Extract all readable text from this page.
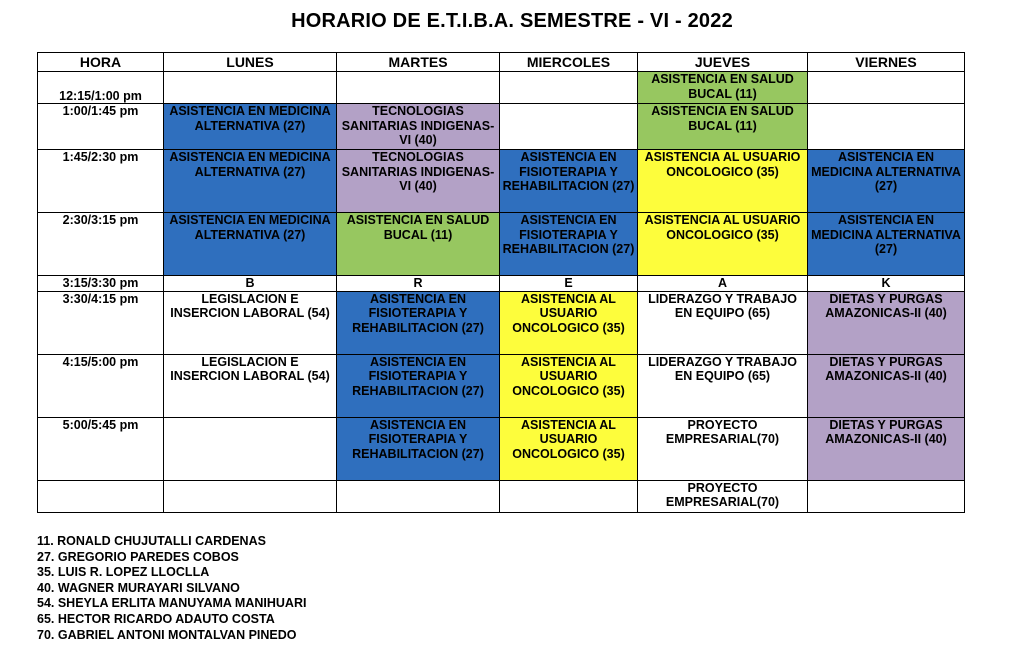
HORARIO DE E.T.I.B.A. SEMESTRE - VI - 2022
HORA	LUNES	MARTES	MIERCOLES	JUEVES	VIERNES
12:15/1:00 pm				ASISTENCIA EN SALUD BUCAL (11)	
1:00/1:45 pm	ASISTENCIA EN MEDICINA ALTERNATIVA (27)	TECNOLOGIAS SANITARIAS INDIGENAS-VI (40)		ASISTENCIA EN SALUD BUCAL (11)	
1:45/2:30 pm	ASISTENCIA EN MEDICINA ALTERNATIVA (27)	TECNOLOGIAS SANITARIAS INDIGENAS-VI (40)	ASISTENCIA EN FISIOTERAPIA Y REHABILITACION (27)	ASISTENCIA AL USUARIO ONCOLOGICO (35)	ASISTENCIA EN MEDICINA ALTERNATIVA (27)
2:30/3:15 pm	ASISTENCIA EN MEDICINA ALTERNATIVA (27)	ASISTENCIA EN SALUD BUCAL (11)	ASISTENCIA EN FISIOTERAPIA Y REHABILITACION (27)	ASISTENCIA AL USUARIO ONCOLOGICO (35)	ASISTENCIA EN MEDICINA ALTERNATIVA (27)
3:15/3:30 pm	B	R	E	A	K
3:30/4:15 pm	LEGISLACION E INSERCION LABORAL (54)	ASISTENCIA EN FISIOTERAPIA Y REHABILITACION (27)	ASISTENCIA AL USUARIO ONCOLOGICO (35)	LIDERAZGO Y TRABAJO EN EQUIPO (65)	DIETAS Y PURGAS AMAZONICAS-II (40)
4:15/5:00 pm	LEGISLACION E INSERCION LABORAL (54)	ASISTENCIA EN FISIOTERAPIA Y REHABILITACION (27)	ASISTENCIA AL USUARIO ONCOLOGICO (35)	LIDERAZGO Y TRABAJO EN EQUIPO (65)	DIETAS Y PURGAS AMAZONICAS-II (40)
5:00/5:45 pm		ASISTENCIA EN FISIOTERAPIA Y REHABILITACION (27)	ASISTENCIA AL USUARIO ONCOLOGICO (35)	PROYECTO EMPRESARIAL(70)	DIETAS Y PURGAS AMAZONICAS-II (40)
				PROYECTO EMPRESARIAL(70)	
11. RONALD CHUJUTALLI CARDENAS
27. GREGORIO PAREDES COBOS
35. LUIS R. LOPEZ LLOCLLA
40. WAGNER MURAYARI SILVANO
54. SHEYLA ERLITA MANUYAMA MANIHUARI
65. HECTOR RICARDO ADAUTO COSTA
70. GABRIEL ANTONI MONTALVAN PINEDO
